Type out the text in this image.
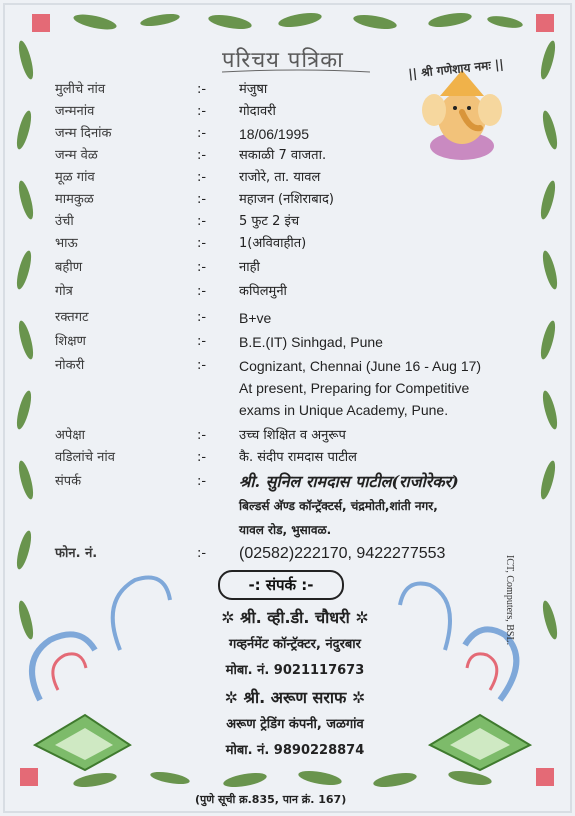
परिचय पत्रिका	|| श्री गणेशाय नमः ||
मुलीचे नांव	:-	मंजुषा
जन्मनांव	:-	गोदावरी
जन्म दिनांक	:-	18/06/1995
जन्म वेळ	:-	सकाळी 7 वाजता.
मूळ गांव	:-	राजोरे, ता. यावल
मामकुळ	:-	महाजन (नशिराबाद)
उंची	:-	5 फुट 2 इंच
भाऊ	:-	1(अविवाहीत)
बहीण	:-	नाही
गोत्र	:-	कपिलमुनी
रक्तगट	:-	B+ve
शिक्षण	:-	B.E.(IT) Sinhgad, Pune
नोकरी	:-	Cognizant, Chennai (June 16 - Aug 17)
At present, Preparing for Competitive
exams in Unique Academy, Pune.
अपेक्षा	:-	उच्च शिक्षित व अनुरूप
वडिलांचे नांव	:-	कै. संदीप रामदास पाटील
संपर्क	:-	श्री. सुनिल रामदास पाटील(राजोरेकर)
बिल्डर्स अ‍ॅण्ड कॉन्ट्रॅक्टर्स, चंद्रमोती,शांती नगर,
यावल रोड, भुसावळ.
फोन. नं.	:-	(02582)222170, 9422277553
-: संपर्क :-
✲ श्री. व्ही.डी. चौधरी ✲
गव्हर्नमेंट कॉन्ट्रॅक्टर, नंदुरबार
मोबा. नं. 9021117673
✲ श्री. अरूण सराफ ✲
अरूण ट्रेडिंग कंपनी, जळगांव
मोबा. नं. 9890228874
ICT, Computers, BSL.
(पुणे सूची क्र.835, पान क्रं. 167)
